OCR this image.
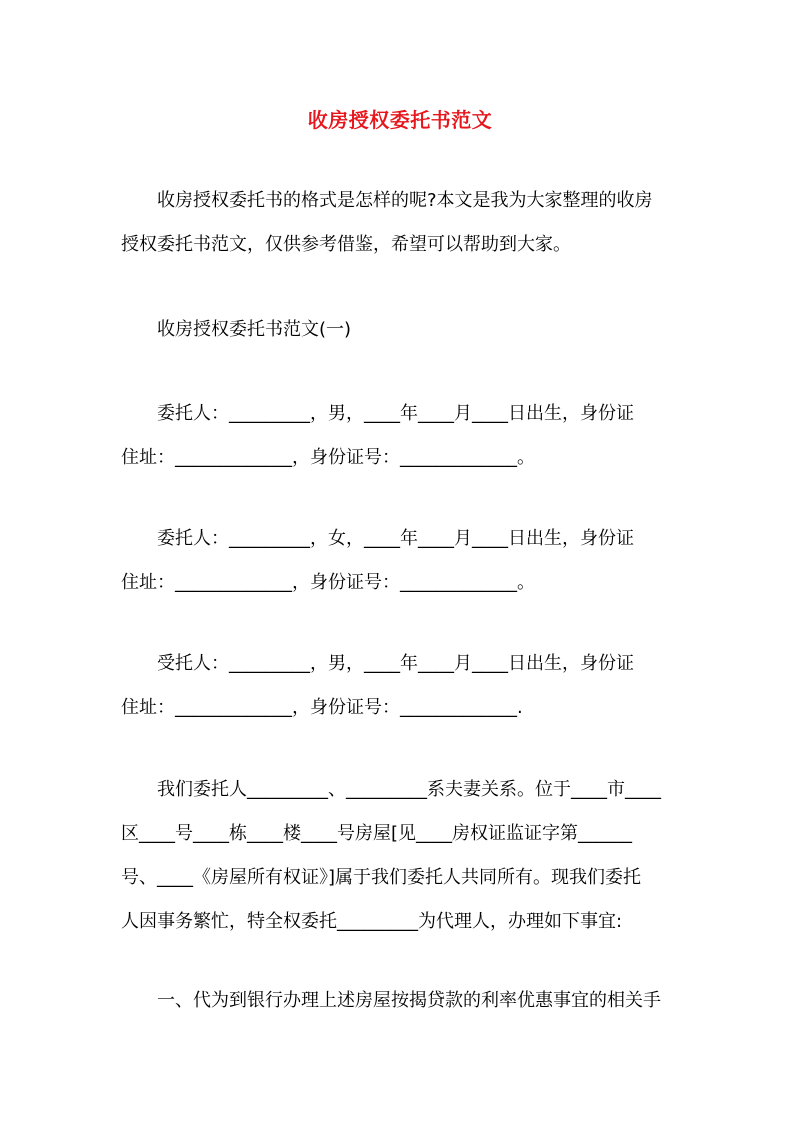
收房授权委托书范文
　　收房授权委托书的格式是怎样的呢?本文是我为大家整理的收房
授权委托书范文，仅供参考借鉴，希望可以帮助到大家。
　　收房授权委托书范文(一)
　　委托人：_________，男，____年____月____日出生，身份证
住址：_____________，身份证号：_____________。
　　委托人：_________，女，____年____月____日出生，身份证
住址：_____________，身份证号：_____________。
　　受托人：_________，男，____年____月____日出生，身份证
住址：_____________，身份证号：_____________.
　　我们委托人_________、_________系夫妻关系。位于____市____
区____号____栋____楼____号房屋[见____房权证监证字第______
号、____《房屋所有权证》]属于我们委托人共同所有。现我们委托
人因事务繁忙，特全权委托_________为代理人，办理如下事宜:
　　一、代为到银行办理上述房屋按揭贷款的利率优惠事宜的相关手
